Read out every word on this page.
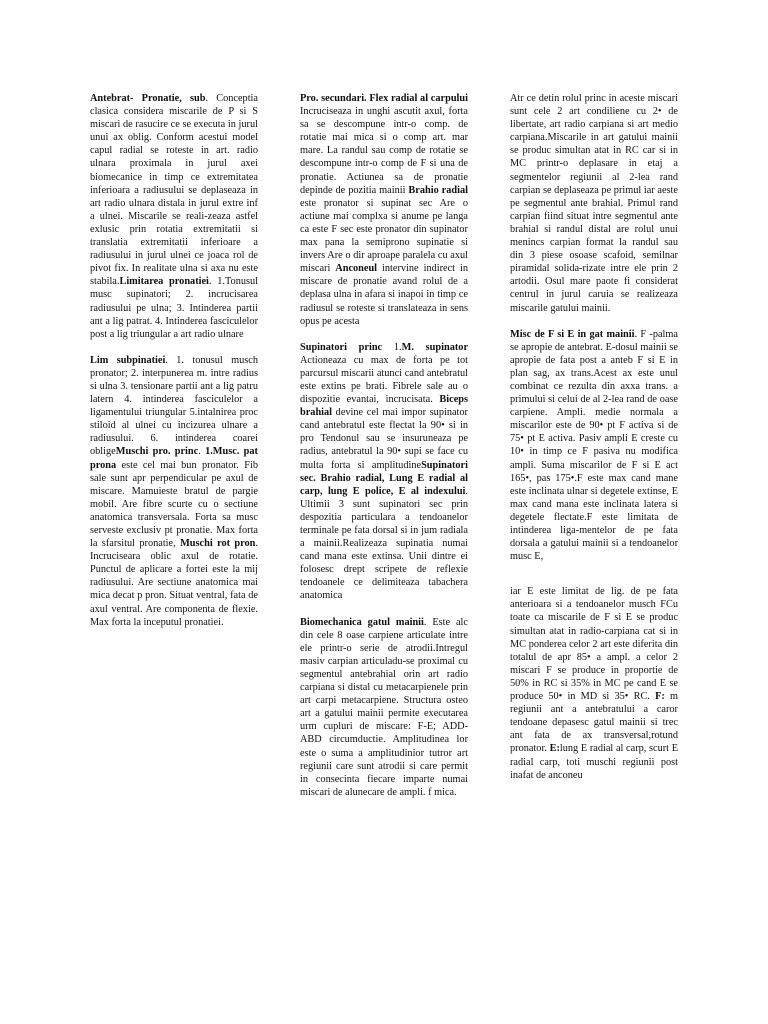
Antebrat- Pronatie, sub. Conceptia clasica considera miscarile de P si S miscari de rasucire ce se executa in jurul unui ax oblig. Conform acestui model capul radial se roteste in art. radio ulnara proximala in jurul axei biomecanice in timp ce extremitatea inferioara a radiusului se deplaseaza in art radio ulnara distala in jurul extre inf a ulnei. Miscarile se reali-zeaza astfel exlusic prin rotatia extremitatii si translatia extremitatii inferioare a radiusului in jurul ulnei ce joaca rol de pivot fix. In realitate ulna si axa nu este stabila.Limitarea pronatiei. 1.Tonusul musc supinatori; 2. incrucisarea radiusului pe ulna; 3. Intinderea partii ant a lig patrat. 4. Intinderea fasciculelor post a lig triungular a art radio ulnare

Lim subpinatiei. 1. tonusul musch pronator; 2. interpunerea m. intre radius si ulna 3. tensionare partii ant a lig patru latern 4. intinderea fasciculelor a ligamentului triungular 5.intalnirea proc stiloid al ulnei cu incizurea ulnare a radiusului. 6. intinderea coarei obligeMuschi pro. princ. 1.Musc. pat prona este cel mai bun pronator. Fib sale sunt apr perpendicular pe axul de miscare. Mamuieste bratul de pargie mobil. Are fibre scurte cu o sectiune anatomica transversala. Forta sa musc serveste exclusiv pt pronatie. Max forta la sfarsitul pronatie, Muschi rot pron. Incruciseara oblic axul de rotatie. Punctul de aplicare a fortei este la mij radiusului. Are sectiune anatomica mai mica decat p pron. Situat ventral, fata de axul ventral. Are componenta de flexie. Max forta la inceputul pronatiei.

Pro. secundari. Flex radial al carpului Incruciseaza in unghi ascutit axul, forta sa se descompune intr-o comp. de rotatie mai mica si o comp art. mar mare. La randul sau comp de rotatie se descompune intr-o comp de F si una de pronatie. Actiunea sa de pronatie depinde de pozitia mainii Brahio radial este pronator si supinat sec Are o actiune mai complxa si anume pe langa ca este F sec este pronator din supinator max pana la semiprono supinatie si invers Are o dir aproape paralela cu axul miscari Anconeul intervine indirect in miscare de pronatie avand rolul de a deplasa ulna in afara si inapoi in timp ce radiusul se roteste si translateaza in sens opus pe acesta

Supinatori princ 1.M. supinator Actioneaza cu max de forta pe tot parcursul miscarii atunci cand antebratul este extins pe brati. Fibrele sale au o dispozitie evantai, incrucisata. Biceps brahial devine cel mai impor supinator cand antebratul este flectat la 90• si in pro Tendonul sau se insuruneaza pe radius, antebratul la 90• supi se face cu multa forta si amplitudineSupinatori sec. Brahio radial, Lung E radial al carp, lung E police, E al indexului. Ultimii 3 sunt supinatori sec prin despozitia particulara a tendoanelor terminale pe fata dorsal si in jum radiala a mainii.Realizeaza supinatia numai cand mana este extinsa. Unii dintre ei folosesc drept scripete de reflexie tendoanele ce delimiteaza tabachera anatomica

Biomechanica gatul mainii. Este alc din cele 8 oase carpiene articulate intre ele printr-o serie de atrodii.Intregul masiv carpian articuladu-se proximal cu segmentul antebrahial orin art radio carpiana si distal cu metacarpienele prin art carpi metacarpiene. Structura osteo art a gatului mainii permite executarea urm cupluri de miscare: F-E; ADD-ABD circumductie. Amplitudinea lor este o suma a amplitudinior tutror art regiunii care sunt atrodii si care permit in consecinta fiecare imparte numai miscari de alunecare de ampli. f mica.

Atr ce detin rolul princ in aceste miscari sunt cele 2 art condiliene cu 2• de libertate, art radio carpiana si art medio carpiana.Miscarile in art gatului mainii se produc simultan atat in RC car si in MC printr-o deplasare in etaj a segmentelor regiunii al 2-lea rand carpian se deplaseaza pe primul iar aeste pe segmentul ante brahial. Primul rand carpian fiind situat intre segmentul ante brahial si randul distal are rolul unui menincs carpian format la randul sau din 3 piese osoase scafoid, semilnar piramidal solida-rizate intre ele prin 2 artodii. Osul mare paote fi considerat centrul in jurul caruia se realizeaza miscarile gatului mainii.

Misc de F si E in gat mainii. F -palma se apropie de antebrat. E-dosul mainii se apropie de fata post a anteb F si E in plan sag, ax trans.Acest ax este unul combinat ce rezulta din axxa trans. a primului si celui de al 2-lea rand de oase carpiene. Ampli. medie normala a miscarilor este de 90• pt F activa si de 75• pt E activa. Pasiv ampli E creste cu 10• in timp ce F pasiva nu modifica ampli. Suma miscarilor de F si E act 165•, pas 175•.F este max cand mane este inclinata ulnar si degetele extinse, E max cand mana este inclinata latera si degetele flectate.F este limitata de intinderea liga-mentelor de pe fata dorsala a gatului mainii si a tendoanelor musc E,

iar E este limitat de lig. de pe fata anterioara si a tendoanelor musch FCu toate ca miscarile de F si E se produc simultan atat in radio-carpiana cat si in MC ponderea celor 2 art este diferita din totalul de apr 85• a ampl. a celor 2 miscari F se produce in proportie de 50% in RC si 35% in MC pe cand E se produce 50• in MD si 35• RC. F: m regiunii ant a antebratului a caror tendoane depasesc gatul mainii si trec ant fata de ax transversal,rotund pronator. E:lung E radial al carp, scurt E radial carp, toti muschi regiunii post inafat de anconeu
